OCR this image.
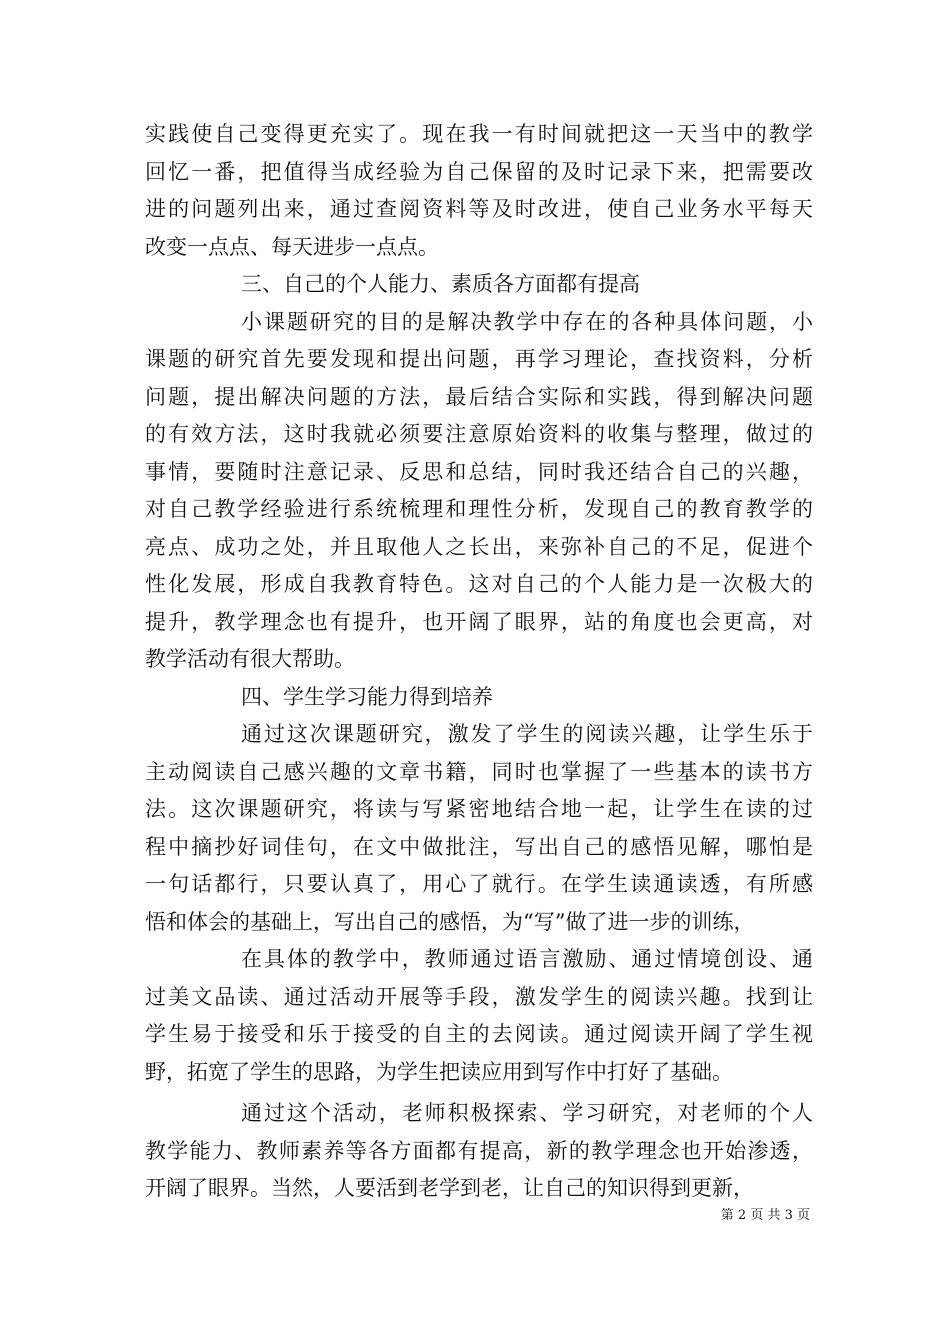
实践使自己变得更充实了。现在我一有时间就把这一天当中的教学
回忆一番，把值得当成经验为自己保留的及时记录下来，把需要改
进的问题列出来，通过查阅资料等及时改进，使自己业务水平每天
改变一点点、每天进步一点点。
三、自己的个人能力、素质各方面都有提高
小课题研究的目的是解决教学中存在的各种具体问题，小
课题的研究首先要发现和提出问题，再学习理论，查找资料，分析
问题，提出解决问题的方法，最后结合实际和实践，得到解决问题
的有效方法，这时我就必须要注意原始资料的收集与整理，做过的
事情，要随时注意记录、反思和总结，同时我还结合自己的兴趣，
对自己教学经验进行系统梳理和理性分析，发现自己的教育教学的
亮点、成功之处，并且取他人之长出，来弥补自己的不足，促进个
性化发展，形成自我教育特色。这对自己的个人能力是一次极大的
提升，教学理念也有提升，也开阔了眼界，站的角度也会更高，对
教学活动有很大帮助。
四、学生学习能力得到培养
通过这次课题研究，激发了学生的阅读兴趣，让学生乐于
主动阅读自己感兴趣的文章书籍，同时也掌握了一些基本的读书方
法。这次课题研究，将读与写紧密地结合地一起，让学生在读的过
程中摘抄好词佳句，在文中做批注，写出自己的感悟见解，哪怕是
一句话都行，只要认真了，用心了就行。在学生读通读透，有所感
悟和体会的基础上，写出自己的感悟，为“写”做了进一步的训练，
在具体的教学中，教师通过语言激励、通过情境创设、通
过美文品读、通过活动开展等手段，激发学生的阅读兴趣。找到让
学生易于接受和乐于接受的自主的去阅读。通过阅读开阔了学生视
野，拓宽了学生的思路，为学生把读应用到写作中打好了基础。
通过这个活动，老师积极探索、学习研究，对老师的个人
教学能力、教师素养等各方面都有提高，新的教学理念也开始渗透，
开阔了眼界。当然，人要活到老学到老，让自己的知识得到更新，
第 2 页 共 3 页
